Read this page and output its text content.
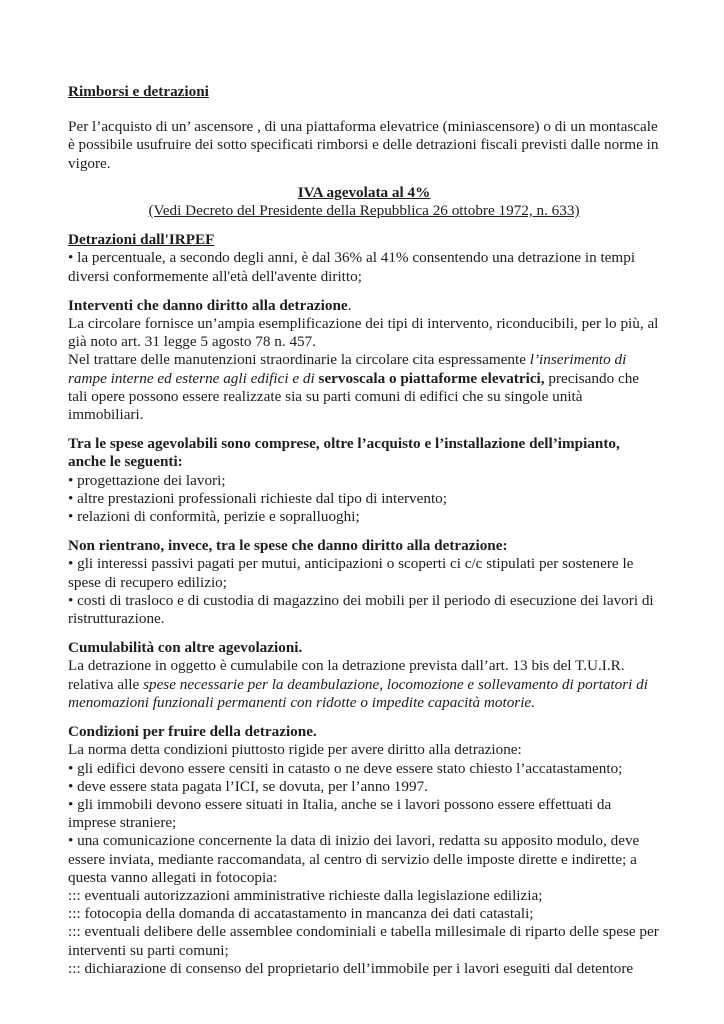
Rimborsi e detrazioni
Per l’acquisto di un’ ascensore , di una piattaforma elevatrice (miniascensore) o di un montascale è possibile usufruire dei sotto specificati rimborsi e delle detrazioni fiscali previsti dalle norme in vigore.
IVA agevolata al 4%
(Vedi Decreto del Presidente della Repubblica 26 ottobre 1972, n. 633)
Detrazioni dall'IRPEF
• la percentuale, a secondo degli anni, è dal 36% al 41% consentendo una detrazione in tempi diversi conformemente all'età dell'avente diritto;
Interventi che danno diritto alla detrazione.
La circolare fornisce un’ampia esemplificazione dei tipi di intervento, riconducibili, per lo più, al già noto art. 31 legge 5 agosto 78 n. 457.
Nel trattare delle manutenzioni straordinarie la circolare cita espressamente l’inserimento di rampe interne ed esterne agli edifici e di servoscala o piattaforme elevatrici, precisando che tali opere possono essere realizzate sia su parti comuni di edifici che su singole unità immobiliari.
Tra le spese agevolabili sono comprese, oltre l’acquisto e l’installazione dell’impianto, anche le seguenti:
• progettazione dei lavori;
• altre prestazioni professionali richieste dal tipo di intervento;
• relazioni di conformità, perizie e sopralluoghi;
Non rientrano, invece, tra le spese che danno diritto alla detrazione:
• gli interessi passivi pagati per mutui, anticipazioni o scoperti ci c/c stipulati per sostenere le spese di recupero edilizio;
• costi di trasloco e di custodia di magazzino dei mobili per il periodo di esecuzione dei lavori di ristrutturazione.
Cumulabilità con altre agevolazioni.
La detrazione in oggetto è cumulabile con la detrazione prevista dall’art. 13 bis del T.U.I.R. relativa alle spese necessarie per la deambulazione, locomozione e sollevamento di portatori di menomazioni funzionali permanenti con ridotte o impedite capacità motorie.
Condizioni per fruire della detrazione.
La norma detta condizioni piuttosto rigide per avere diritto alla detrazione:
• gli edifici devono essere censiti in catasto o ne deve essere stato chiesto l’accatastamento;
• deve essere stata pagata l’ICI, se dovuta, per l’anno 1997.
• gli immobili devono essere situati in Italia, anche se i lavori possono essere effettuati da imprese straniere;
• una comunicazione concernente la data di inizio dei lavori, redatta su apposito modulo, deve essere inviata, mediante raccomandata, al centro di servizio delle imposte dirette e indirette; a questa vanno allegati in fotocopia:
::: eventuali autorizzazioni amministrative richieste dalla legislazione edilizia;
::: fotocopia della domanda di accatastamento in mancanza dei dati catastali;
::: eventuali delibere delle assemblee condominiali e tabella millesimale di riparto delle spese per interventi su parti comuni;
::: dichiarazione di consenso del proprietario dell’immobile per i lavori eseguiti dal detentore
